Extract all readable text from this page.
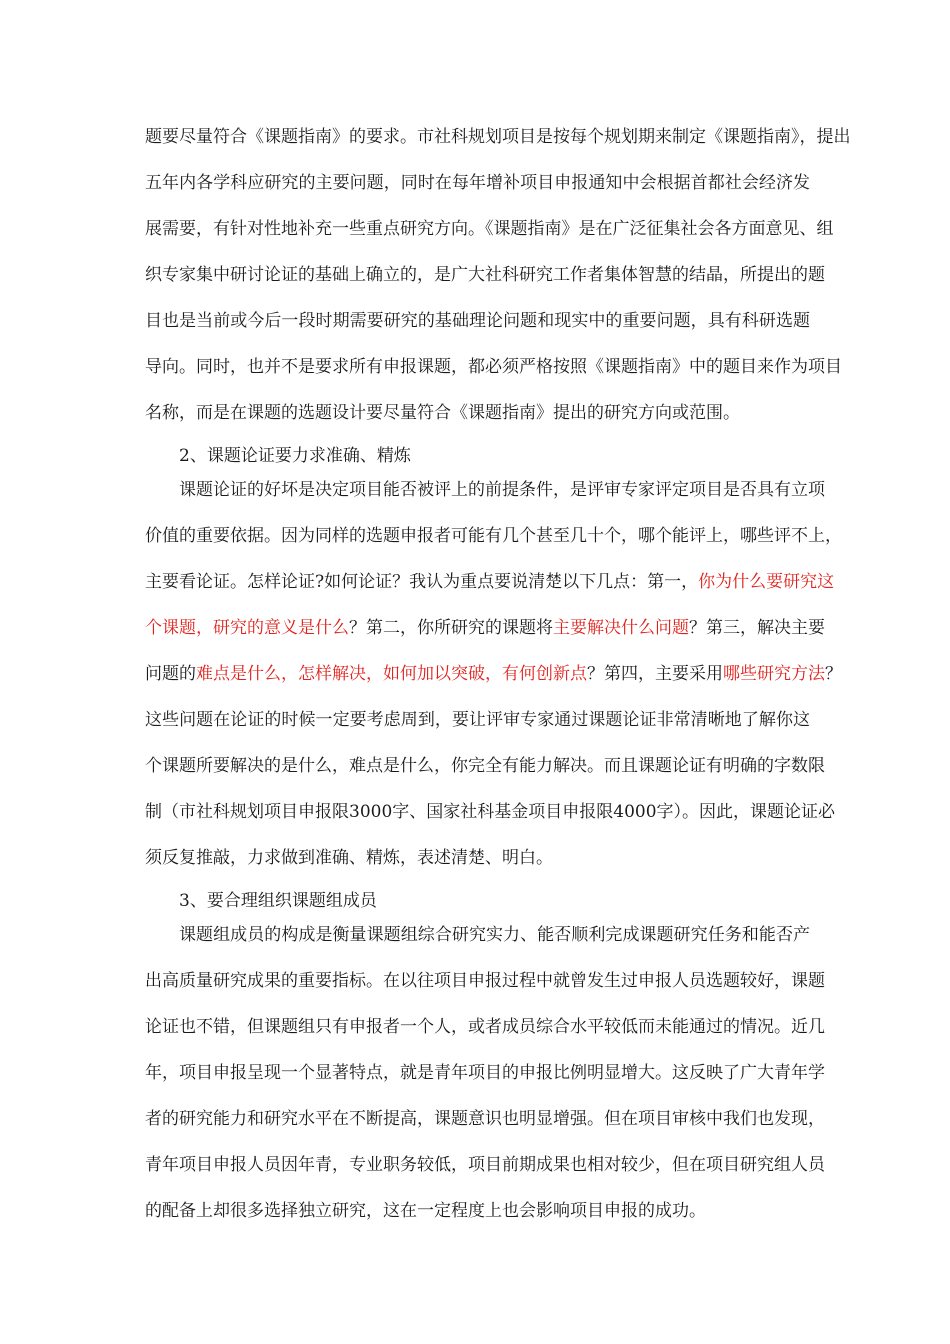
题要尽量符合《课题指南》的要求。市社科规划项目是按每个规划期来制定《课题指南》，提出
五年内各学科应研究的主要问题，同时在每年增补项目申报通知中会根据首都社会经济发
展需要，有针对性地补充一些重点研究方向。《课题指南》是在广泛征集社会各方面意见、组
织专家集中研讨论证的基础上确立的，是广大社科研究工作者集体智慧的结晶，所提出的题
目也是当前或今后一段时期需要研究的基础理论问题和现实中的重要问题，具有科研选题
导向。同时，也并不是要求所有申报课题，都必须严格按照《课题指南》中的题目来作为项目
名称，而是在课题的选题设计要尽量符合《课题指南》提出的研究方向或范围。
2、课题论证要力求准确、精炼
课题论证的好坏是决定项目能否被评上的前提条件，是评审专家评定项目是否具有立项
价值的重要依据。因为同样的选题申报者可能有几个甚至几十个，哪个能评上，哪些评不上，
主要看论证。怎样论证?如何论证？我认为重点要说清楚以下几点：第一，你为什么要研究这
个课题，研究的意义是什么？第二，你所研究的课题将主要解决什么问题？第三，解决主要
问题的难点是什么，怎样解决，如何加以突破，有何创新点？第四，主要采用哪些研究方法？
这些问题在论证的时候一定要考虑周到，要让评审专家通过课题论证非常清晰地了解你这
个课题所要解决的是什么，难点是什么，你完全有能力解决。而且课题论证有明确的字数限
制（市社科规划项目申报限3000字、国家社科基金项目申报限4000字）。因此，课题论证必
须反复推敲，力求做到准确、精炼，表述清楚、明白。
3、要合理组织课题组成员
课题组成员的构成是衡量课题组综合研究实力、能否顺利完成课题研究任务和能否产
出高质量研究成果的重要指标。在以往项目申报过程中就曾发生过申报人员选题较好，课题
论证也不错，但课题组只有申报者一个人，或者成员综合水平较低而未能通过的情况。近几
年，项目申报呈现一个显著特点，就是青年项目的申报比例明显增大。这反映了广大青年学
者的研究能力和研究水平在不断提高，课题意识也明显增强。但在项目审核中我们也发现，
青年项目申报人员因年青，专业职务较低，项目前期成果也相对较少，但在项目研究组人员
的配备上却很多选择独立研究，这在一定程度上也会影响项目申报的成功。
